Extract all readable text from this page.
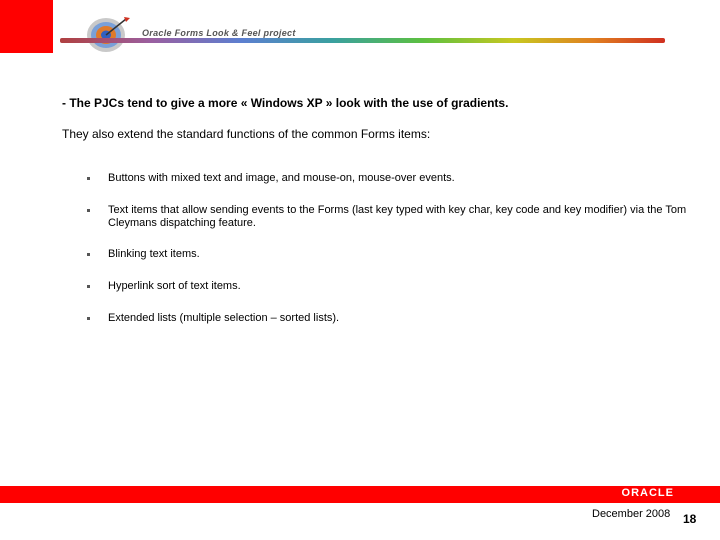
Oracle Forms Look & Feel project
- The PJCs tend to give a more « Windows XP » look with the use of gradients.
They also extend the standard functions of the common Forms items:
Buttons with mixed text and image, and mouse-on, mouse-over events.
Text items that allow sending events to the Forms (last key typed with key char, key code and key modifier) via the Tom Cleymans dispatching feature.
Blinking text items.
Hyperlink sort of text items.
Extended lists (multiple selection – sorted lists).
ORACLE
December 2008 18
